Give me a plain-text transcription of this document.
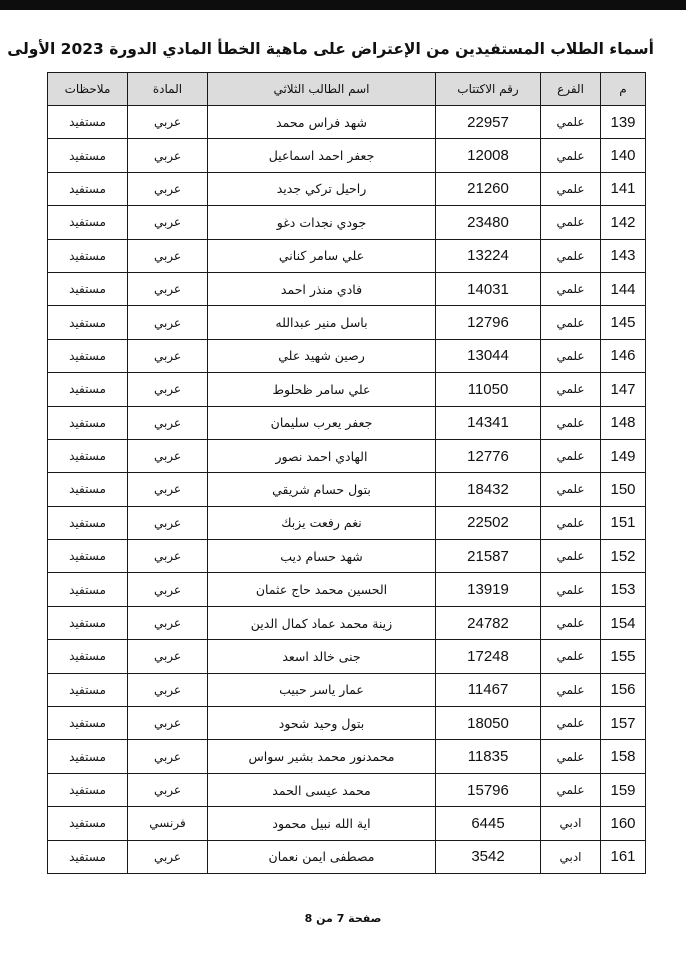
أسماء الطلاب المستفيدين من الإعتراض على ماهية الخطأ المادي الدورة 2023 الأولى
م	الفرع	رقم الاكتتاب	اسم الطالب الثلاثي	المادة	ملاحظات
139	علمي	22957	شهد فراس محمد	عربي	مستفيد
140	علمي	12008	جعفر احمد اسماعيل	عربي	مستفيد
141	علمي	21260	راحيل تركي جديد	عربي	مستفيد
142	علمي	23480	جودي نجدات دغو	عربي	مستفيد
143	علمي	13224	علي سامر كناني	عربي	مستفيد
144	علمي	14031	فادي منذر احمد	عربي	مستفيد
145	علمي	12796	باسل منير عبدالله	عربي	مستفيد
146	علمي	13044	رصين شهيد علي	عربي	مستفيد
147	علمي	11050	علي سامر ظحلوط	عربي	مستفيد
148	علمي	14341	جعفر يعرب سليمان	عربي	مستفيد
149	علمي	12776	الهادي احمد نصور	عربي	مستفيد
150	علمي	18432	بتول حسام شريقي	عربي	مستفيد
151	علمي	22502	نغم رفعت يزبك	عربي	مستفيد
152	علمي	21587	شهد حسام ديب	عربي	مستفيد
153	علمي	13919	الحسين محمد حاج عثمان	عربي	مستفيد
154	علمي	24782	زينة محمد عماد كمال الدين	عربي	مستفيد
155	علمي	17248	جنى خالد اسعد	عربي	مستفيد
156	علمي	11467	عمار ياسر حبيب	عربي	مستفيد
157	علمي	18050	بتول وحيد شحود	عربي	مستفيد
158	علمي	11835	محمدنور محمد بشير سواس	عربي	مستفيد
159	علمي	15796	محمد عيسى الحمد	عربي	مستفيد
160	ادبي	6445	اية الله نبيل محمود	فرنسي	مستفيد
161	ادبي	3542	مصطفى ايمن نعمان	عربي	مستفيد
صفحة 7 من 8
